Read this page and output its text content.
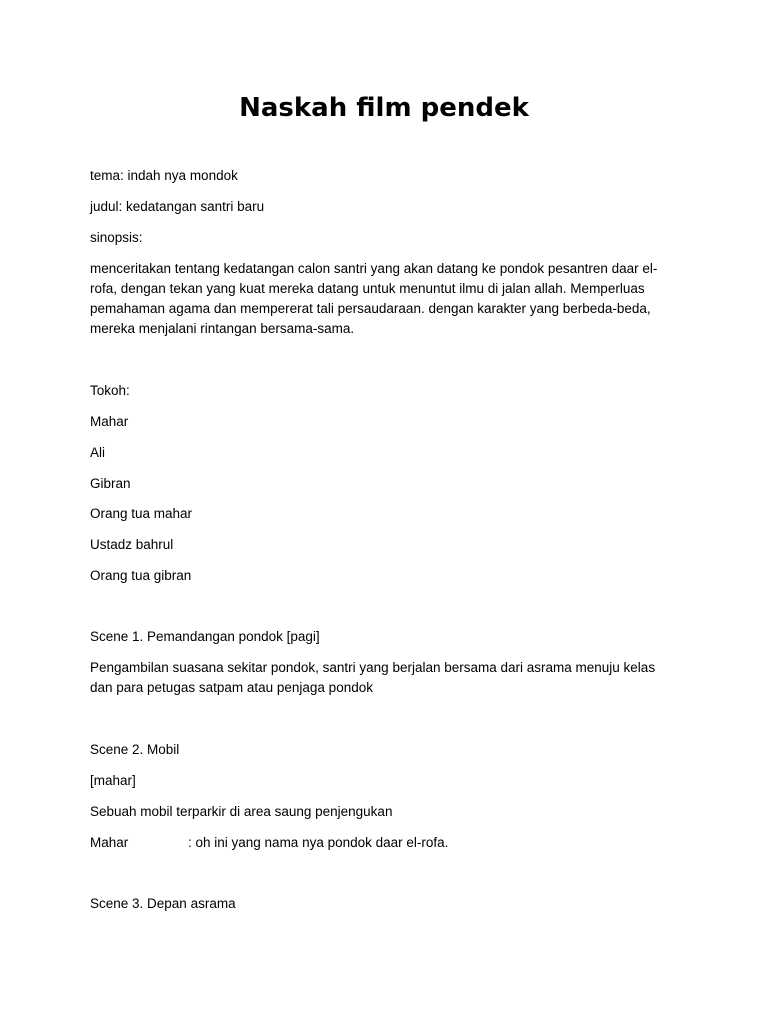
Naskah film pendek
tema: indah nya mondok
judul: kedatangan santri baru
sinopsis:
menceritakan tentang kedatangan calon santri yang akan datang ke pondok pesantren daar el-
rofa, dengan tekan yang kuat mereka datang untuk menuntut ilmu di jalan allah. Memperluas
pemahaman agama dan mempererat tali persaudaraan. dengan karakter yang berbeda-beda,
mereka menjalani rintangan bersama-sama.
Tokoh:
Mahar
Ali
Gibran
Orang tua mahar
Ustadz bahrul
Orang tua gibran
Scene 1. Pemandangan pondok [pagi]
Pengambilan suasana sekitar pondok, santri yang berjalan bersama dari asrama menuju kelas
dan para petugas satpam atau penjaga pondok
Scene 2. Mobil
[mahar]
Sebuah mobil terparkir di area saung penjengukan
Mahar	: oh ini yang nama nya pondok daar el-rofa.
Scene 3. Depan asrama
